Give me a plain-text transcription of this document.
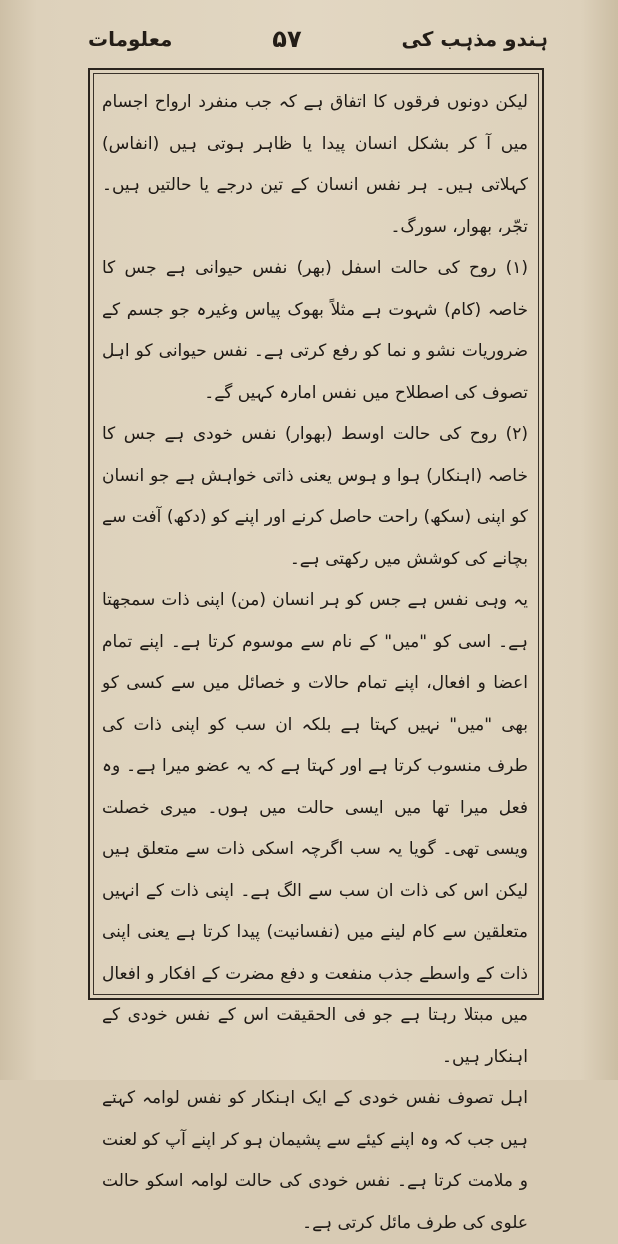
معلومات	۵۷	ہندو مذہب کی

لیکن دونوں فرقوں کا اتفاق ہے کہ جب منفرد ارواح اجسام میں آ کر بشکل انسان پیدا یا ظاہر ہوتی ہیں (انفاس) کہلاتی ہیں۔ ہر نفس انسان کے تین درجے یا حالتیں ہیں۔ تجّر، بھوار، سورگ۔

(۱) روح کی حالت اسفل (بھر) نفس حیوانی ہے جس کا خاصہ (کام) شہوت ہے مثلاً بھوک پیاس وغیرہ جو جسم کے ضروریات نشو و نما کو رفع کرتی ہے۔ نفس حیوانی کو اہل تصوف کی اصطلاح میں نفس امارہ کہیں گے۔

(۲) روح کی حالت اوسط (بھوار) نفس خودی ہے جس کا خاصہ (اہنکار) ہوا و ہوس یعنی ذاتی خواہش ہے جو انسان کو اپنی (سکھ) راحت حاصل کرنے اور اپنے کو (دکھ) آفت سے بچانے کی کوشش میں رکھتی ہے۔

یہ وہی نفس ہے جس کو ہر انسان (من) اپنی ذات سمجھتا ہے۔ اسی کو "میں" کے نام سے موسوم کرتا ہے۔ اپنے تمام اعضا و افعال، اپنے تمام حالات و خصائل میں سے کسی کو بھی "میں" نہیں کہتا ہے بلکہ ان سب کو اپنی ذات کی طرف منسوب کرتا ہے اور کہتا ہے کہ یہ عضو میرا ہے۔ وہ فعل میرا تھا میں ایسی حالت میں ہوں۔ میری خصلت ویسی تھی۔ گویا یہ سب اگرچہ اسکی ذات سے متعلق ہیں لیکن اس کی ذات ان سب سے الگ ہے۔ اپنی ذات کے انہیں متعلقین سے کام لینے میں (نفسانیت) پیدا کرتا ہے یعنی اپنی ذات کے واسطے جذب منفعت و دفع مضرت کے افکار و افعال میں مبتلا رہتا ہے جو فی الحقیقت اس کے نفس خودی کے اہنکار ہیں۔

اہل تصوف نفس خودی کے ایک اہنکار کو نفس لوامہ کہتے ہیں جب کہ وہ اپنے کیئے سے پشیمان ہو کر اپنے آپ کو لعنت و ملامت کرتا ہے۔ نفس خودی کی حالت لوامہ اسکو حالت علوی کی طرف مائل کرتی ہے۔
